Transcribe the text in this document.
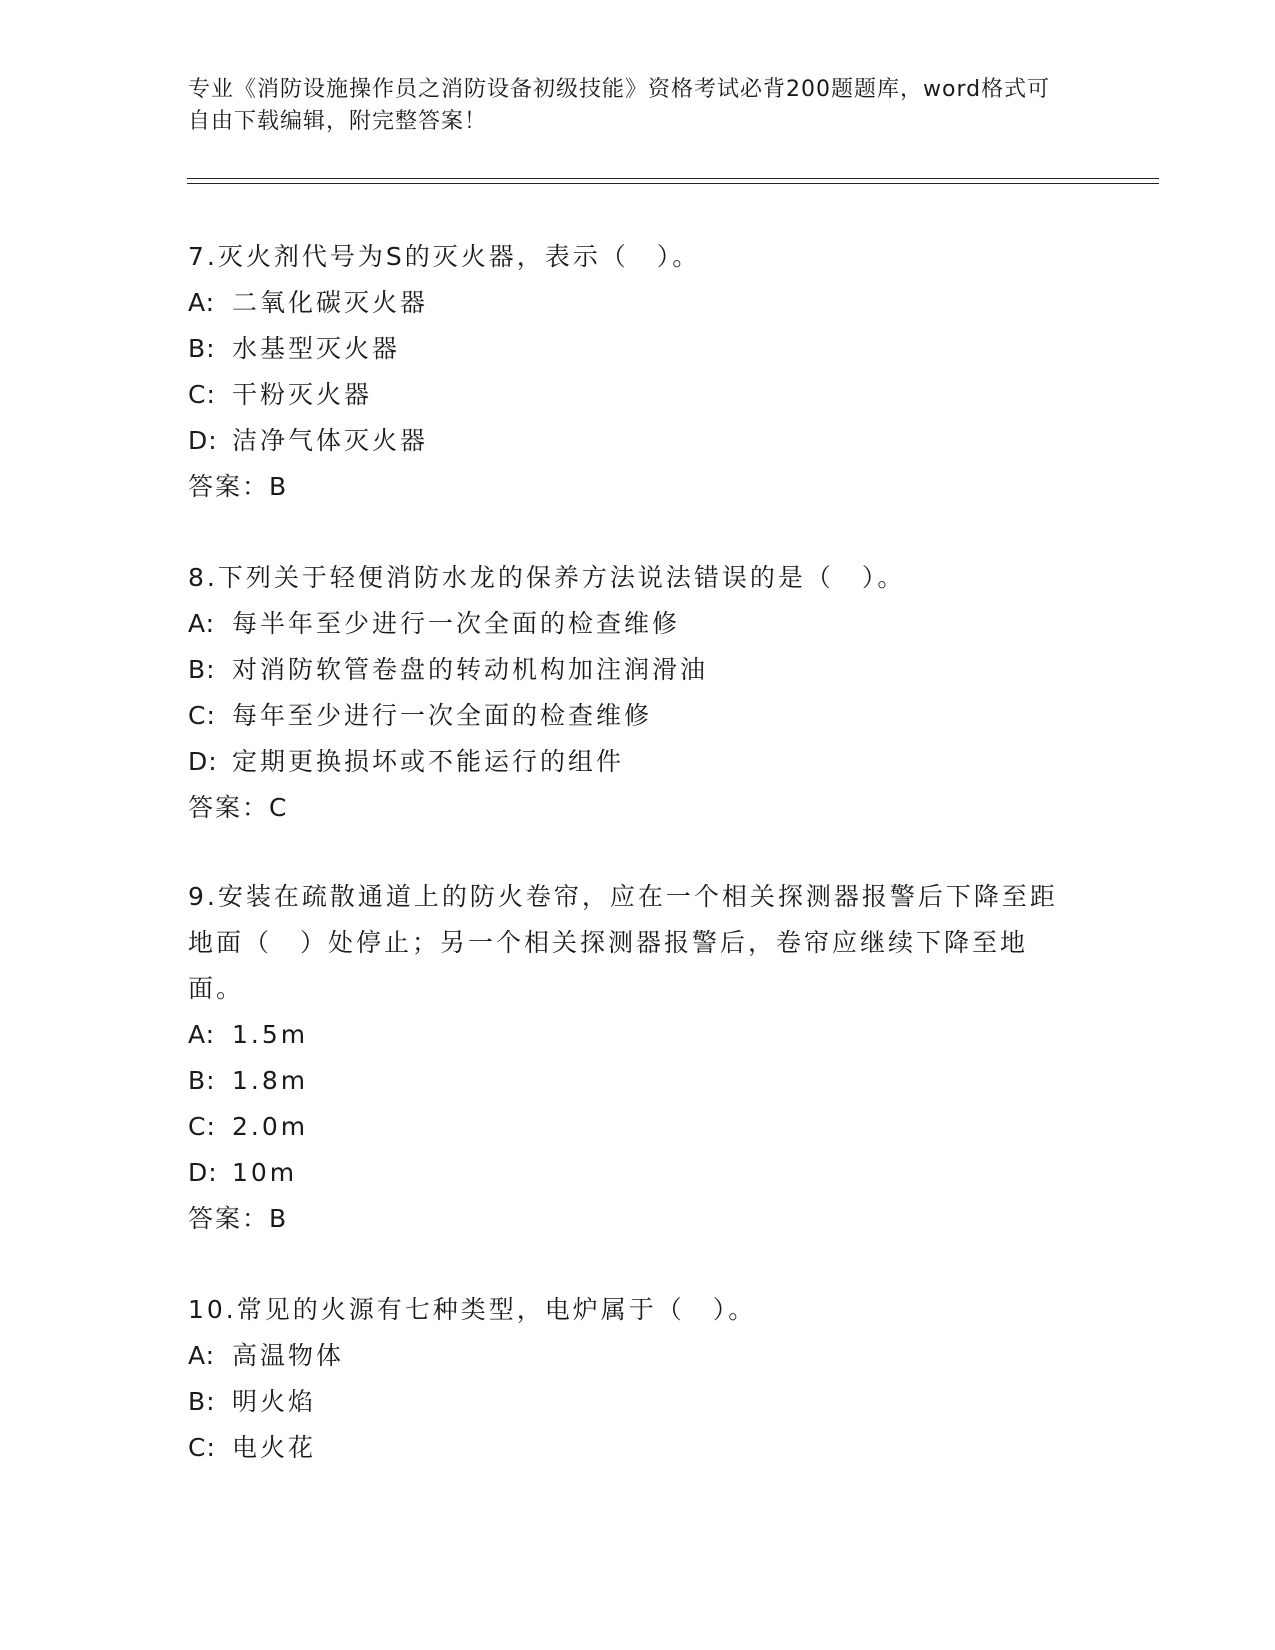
专业《消防设施操作员之消防设备初级技能》资格考试必背200题题库，word格式可自由下载编辑，附完整答案！

7.灭火剂代号为S的灭火器，表示（　）。

A: 二氧化碳灭火器

B: 水基型灭火器

C: 干粉灭火器

D: 洁净气体灭火器

答案：B

8.下列关于轻便消防水龙的保养方法说法错误的是（　）。

A: 每半年至少进行一次全面的检查维修

B: 对消防软管卷盘的转动机构加注润滑油

C: 每年至少进行一次全面的检查维修

D: 定期更换损坏或不能运行的组件

答案：C

9.安装在疏散通道上的防火卷帘，应在一个相关探测器报警后下降至距地面（　）处停止；另一个相关探测器报警后，卷帘应继续下降至地面。

A: 1.5m

B: 1.8m

C: 2.0m

D: 10m

答案：B

10.常见的火源有七种类型，电炉属于（　）。

A: 高温物体

B: 明火焰

C: 电火花
